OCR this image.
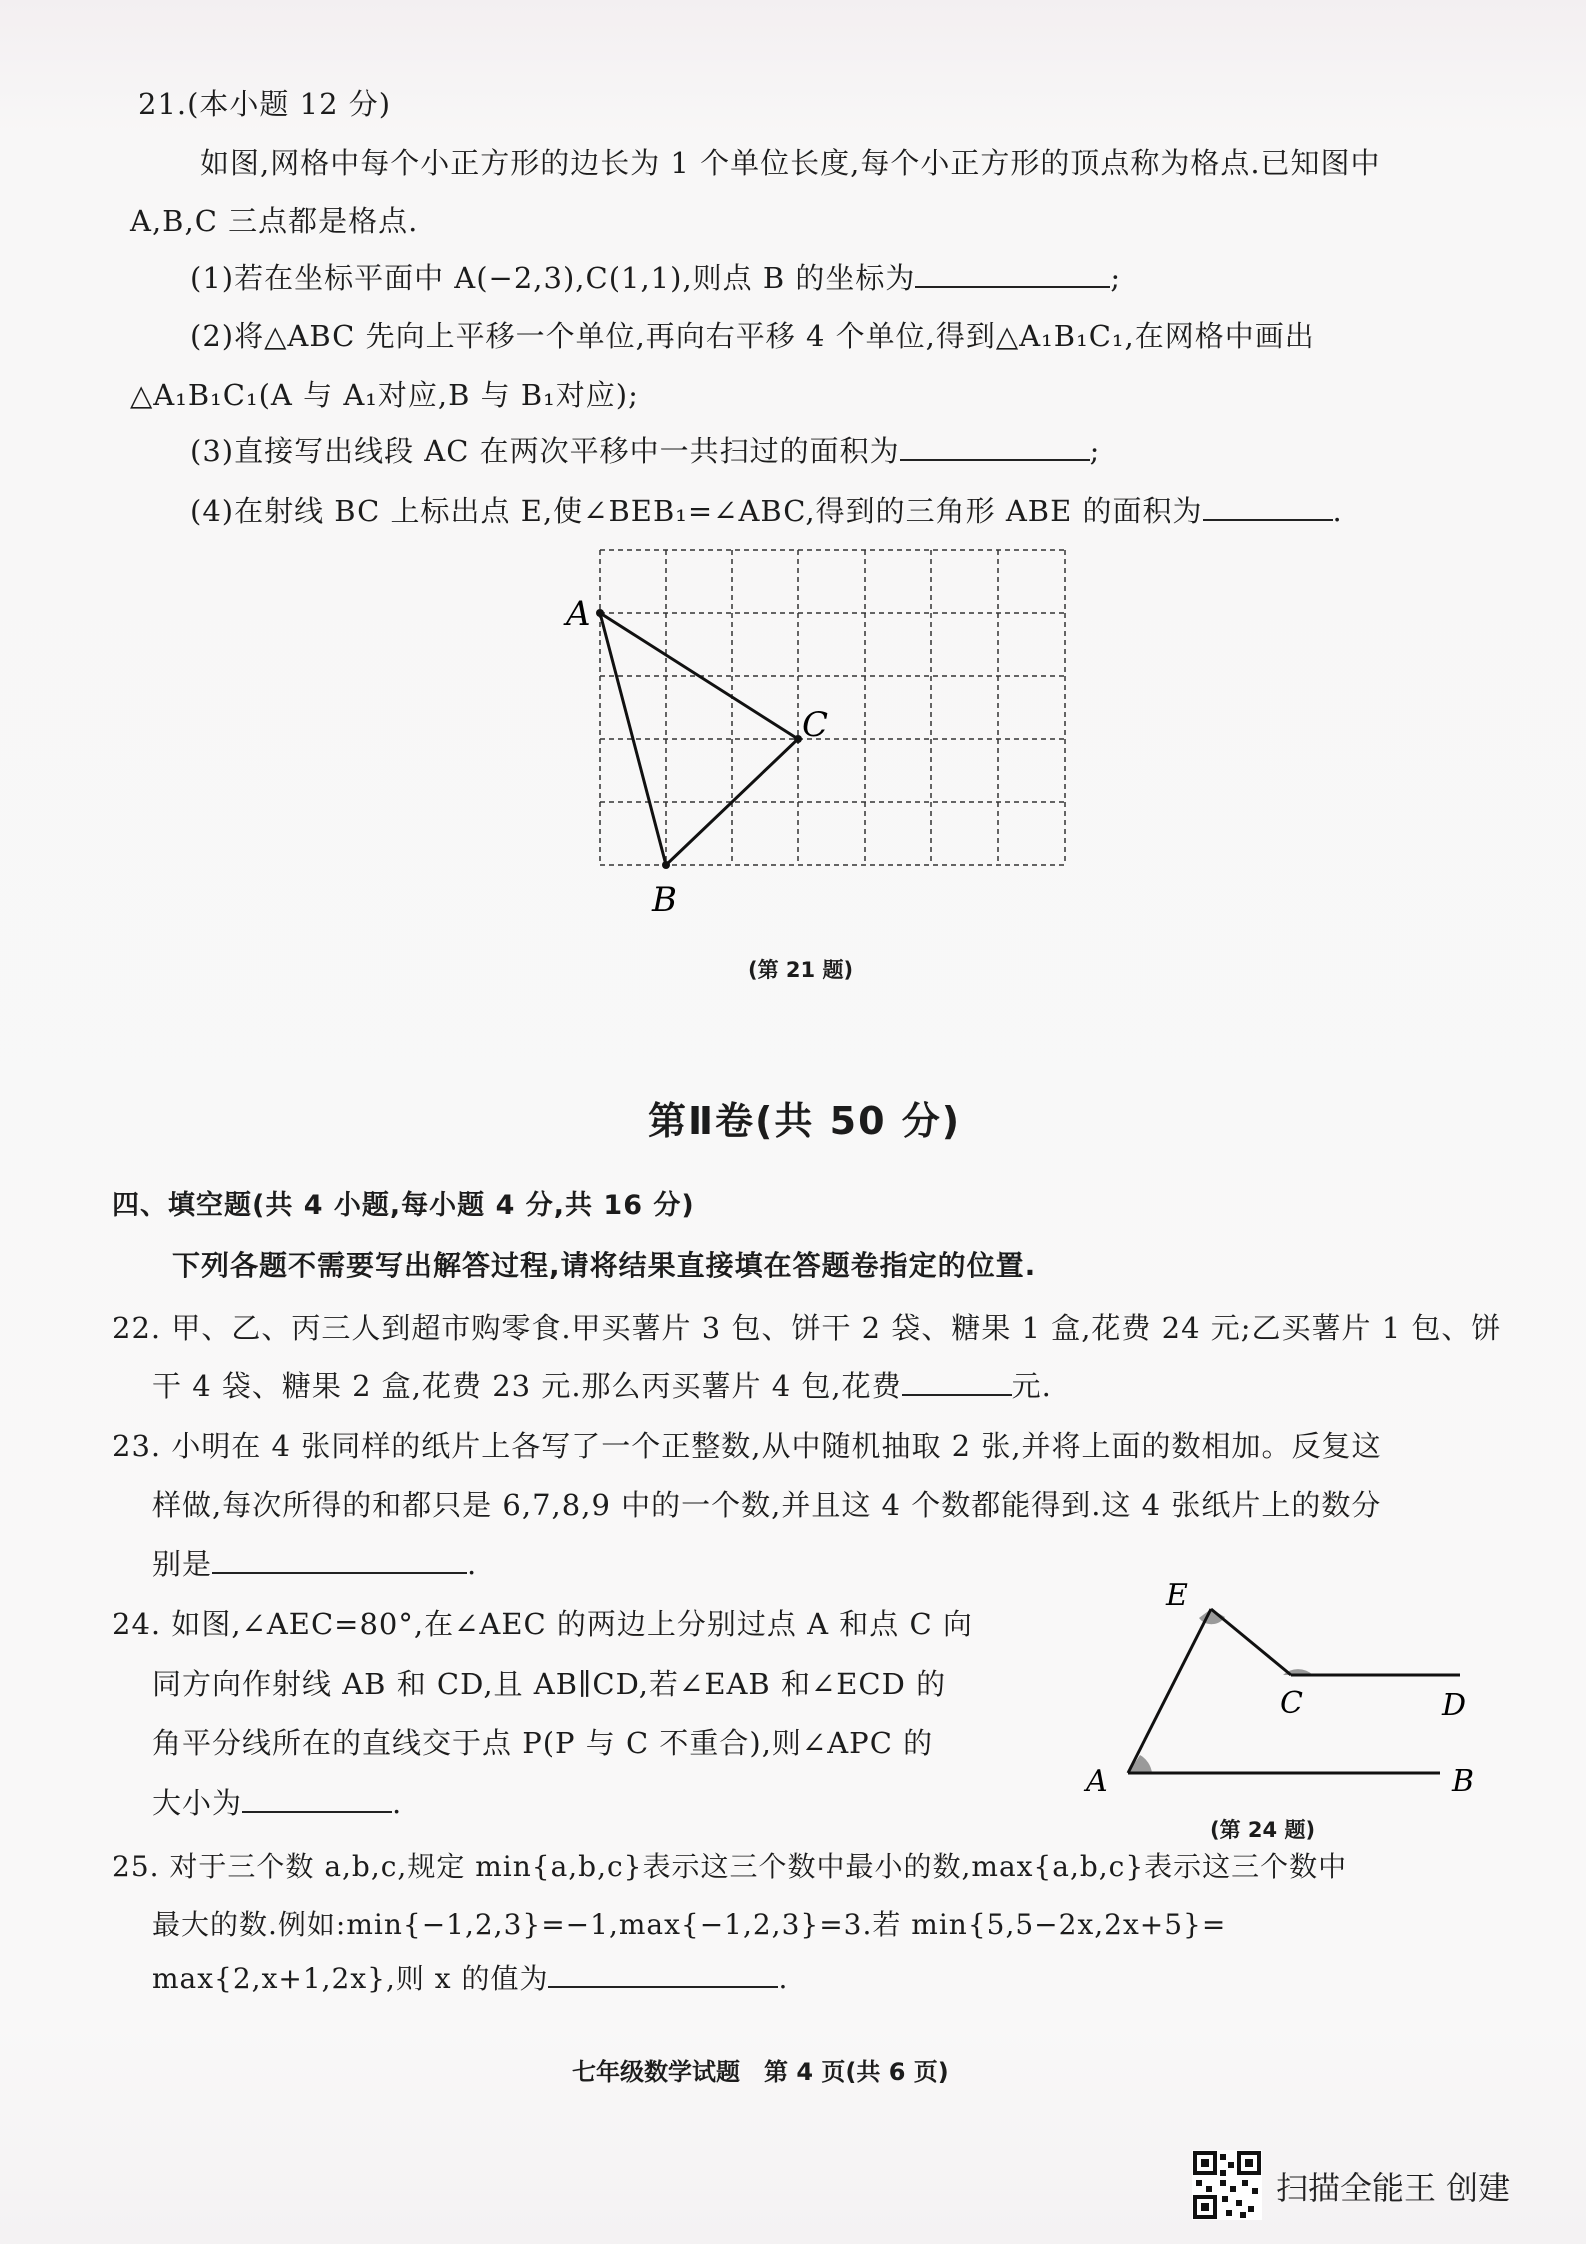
21.(本小题 12 分)
如图,网格中每个小正方形的边长为 1 个单位长度,每个小正方形的顶点称为格点.已知图中
A,B,C 三点都是格点.
(1)若在坐标平面中 A(−2,3),C(1,1),则点 B 的坐标为	;
(2)将△ABC 先向上平移一个单位,再向右平移 4 个单位,得到△A₁B₁C₁,在网格中画出
△A₁B₁C₁(A 与 A₁对应,B 与 B₁对应);
(3)直接写出线段 AC 在两次平移中一共扫过的面积为	;
(4)在射线 BC 上标出点 E,使∠BEB₁=∠ABC,得到的三角形 ABE 的面积为	.
A
B
C
(第 21 题)
第Ⅱ卷(共 50 分)
四、填空题(共 4 小题,每小题 4 分,共 16 分)
下列各题不需要写出解答过程,请将结果直接填在答题卷指定的位置.
22. 甲、乙、丙三人到超市购零食.甲买薯片 3 包、饼干 2 袋、糖果 1 盒,花费 24 元;乙买薯片 1 包、饼
干 4 袋、糖果 2 盒,花费 23 元.那么丙买薯片 4 包,花费	元.
23. 小明在 4 张同样的纸片上各写了一个正整数,从中随机抽取 2 张,并将上面的数相加。反复这
样做,每次所得的和都只是 6,7,8,9 中的一个数,并且这 4 个数都能得到.这 4 张纸片上的数分
别是	.
24. 如图,∠AEC=80°,在∠AEC 的两边上分别过点 A 和点 C 向
同方向作射线 AB 和 CD,且 AB∥CD,若∠EAB 和∠ECD 的
角平分线所在的直线交于点 P(P 与 C 不重合),则∠APC 的
大小为	.
E
C	D
A	B
(第 24 题)
25. 对于三个数 a,b,c,规定 min{a,b,c}表示这三个数中最小的数,max{a,b,c}表示这三个数中
最大的数.例如:min{−1,2,3}=−1,max{−1,2,3}=3.若 min{5,5−2x,2x+5}=
max{2,x+1,2x},则 x 的值为	.
七年级数学试题　第 4 页(共 6 页)
扫描全能王 创建
